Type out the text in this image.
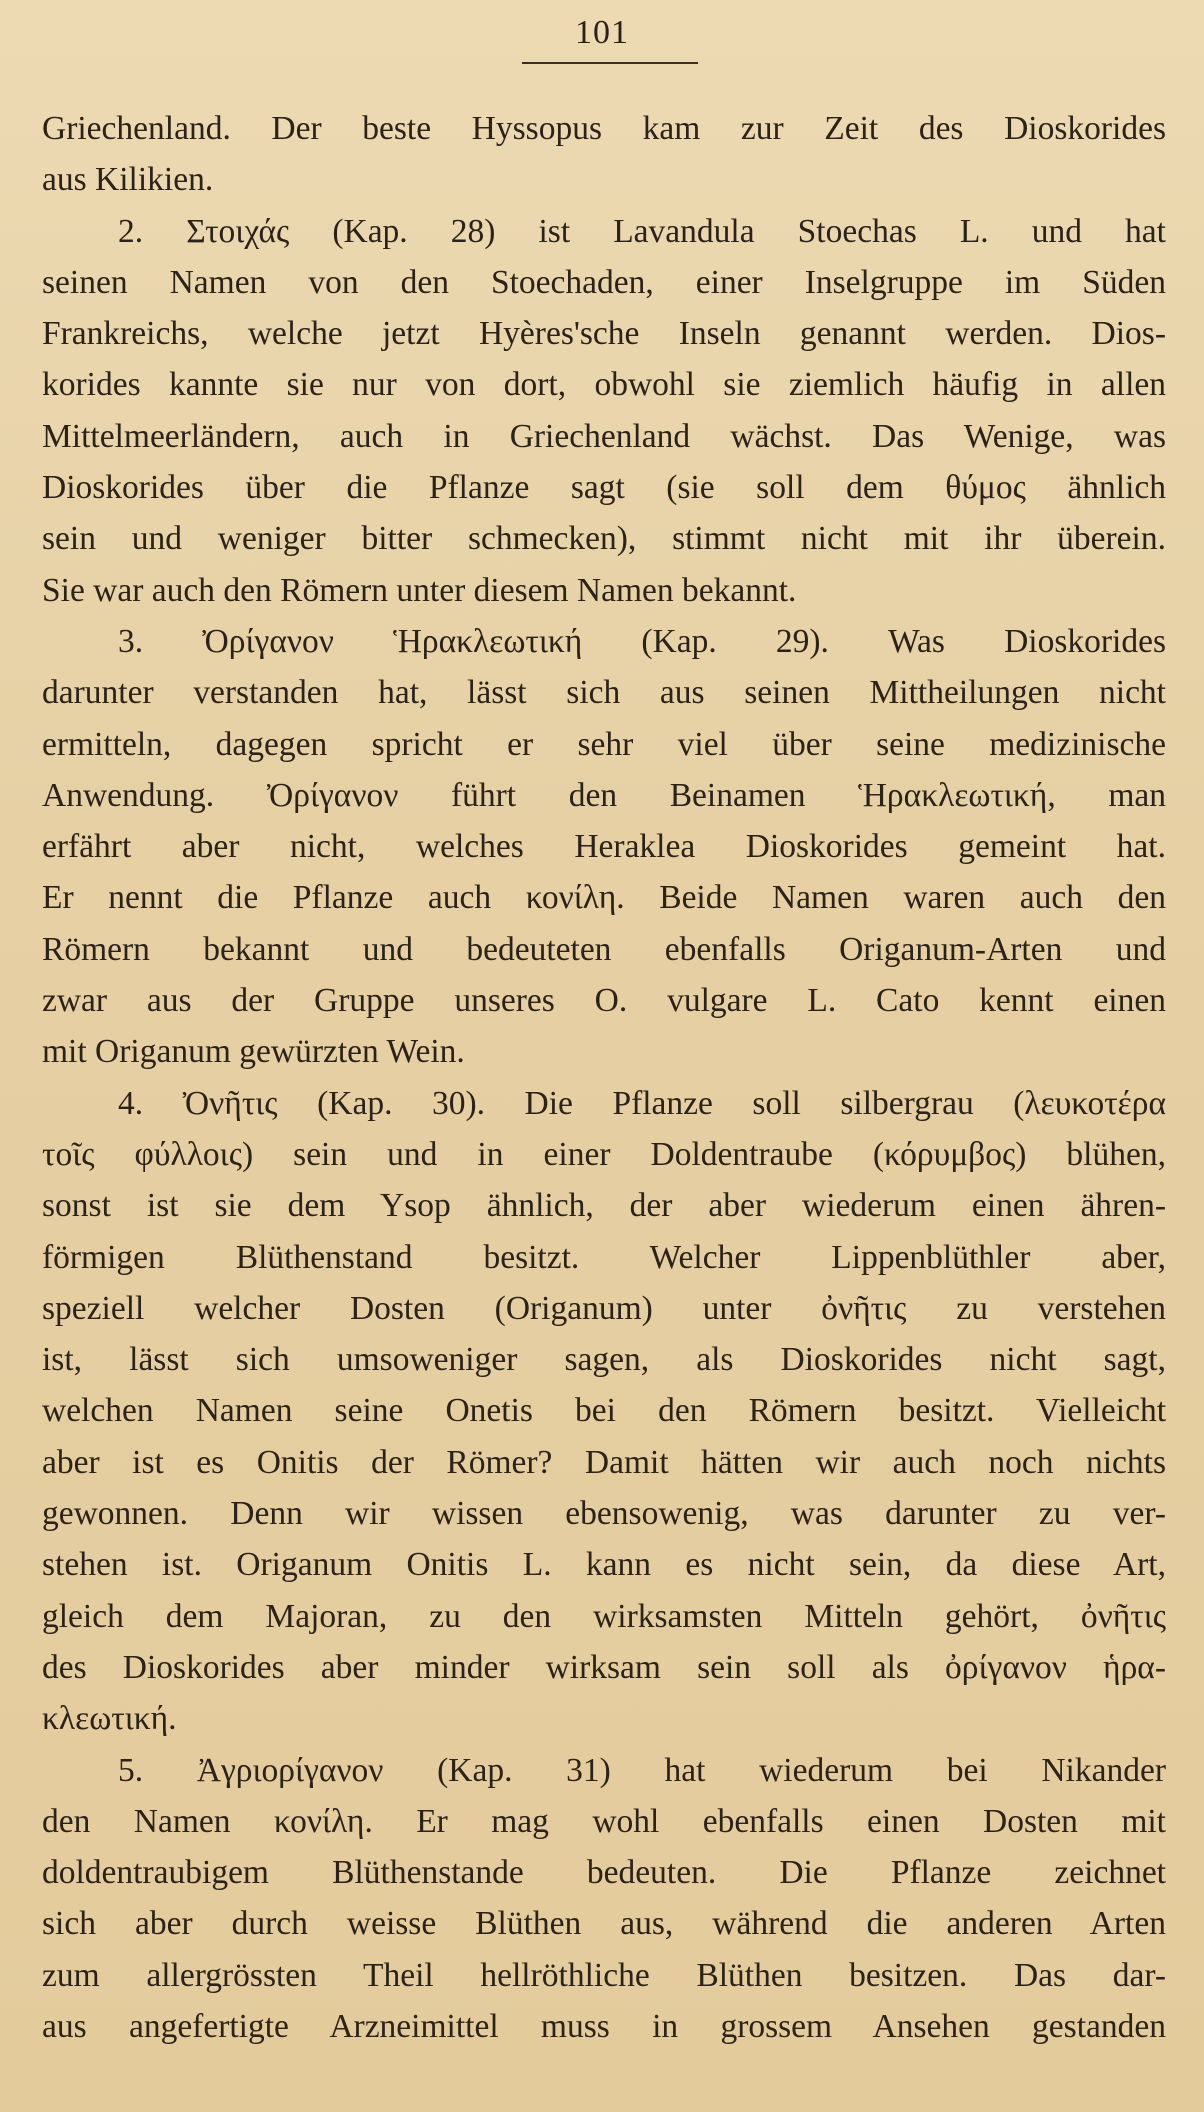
101
Griechenland. Der beste Hyssopus kam zur Zeit des Dioskorides
aus Kilikien.
2. Στοιχάς (Kap. 28) ist Lavandula Stoechas L. und hat
seinen Namen von den Stoechaden, einer Inselgruppe im Süden
Frankreichs, welche jetzt Hyères'sche Inseln genannt werden. Dios-
korides kannte sie nur von dort, obwohl sie ziemlich häufig in allen
Mittelmeerländern, auch in Griechenland wächst. Das Wenige, was
Dioskorides über die Pflanze sagt (sie soll dem θύμος ähnlich
sein und weniger bitter schmecken), stimmt nicht mit ihr überein.
Sie war auch den Römern unter diesem Namen bekannt.
3. Ὀρίγανον Ἡρακλεωτική (Kap. 29). Was Dioskorides
darunter verstanden hat, lässt sich aus seinen Mittheilungen nicht
ermitteln, dagegen spricht er sehr viel über seine medizinische
Anwendung. Ὀρίγανον führt den Beinamen Ἡρακλεωτική, man
erfährt aber nicht, welches Heraklea Dioskorides gemeint hat.
Er nennt die Pflanze auch κονίλη. Beide Namen waren auch den
Römern bekannt und bedeuteten ebenfalls Origanum-Arten und
zwar aus der Gruppe unseres O. vulgare L. Cato kennt einen
mit Origanum gewürzten Wein.
4. Ὀνῆτις (Kap. 30). Die Pflanze soll silbergrau (λευκοτέρα
τοῖς φύλλοις) sein und in einer Doldentraube (κόρυμβος) blühen,
sonst ist sie dem Ysop ähnlich, der aber wiederum einen ähren-
förmigen Blüthenstand besitzt. Welcher Lippenblüthler aber,
speziell welcher Dosten (Origanum) unter ὀνῆτις zu verstehen
ist, lässt sich umsoweniger sagen, als Dioskorides nicht sagt,
welchen Namen seine Onetis bei den Römern besitzt. Vielleicht
aber ist es Onitis der Römer? Damit hätten wir auch noch nichts
gewonnen. Denn wir wissen ebensowenig, was darunter zu ver-
stehen ist. Origanum Onitis L. kann es nicht sein, da diese Art,
gleich dem Majoran, zu den wirksamsten Mitteln gehört, ὀνῆτις
des Dioskorides aber minder wirksam sein soll als ὀρίγανον ἡρα-
κλεωτική.
5. Ἀγριορίγανον (Kap. 31) hat wiederum bei Nikander
den Namen κονίλη. Er mag wohl ebenfalls einen Dosten mit
doldentraubigem Blüthenstande bedeuten. Die Pflanze zeichnet
sich aber durch weisse Blüthen aus, während die anderen Arten
zum allergrössten Theil hellröthliche Blüthen besitzen. Das dar-
aus angefertigte Arzneimittel muss in grossem Ansehen gestanden
